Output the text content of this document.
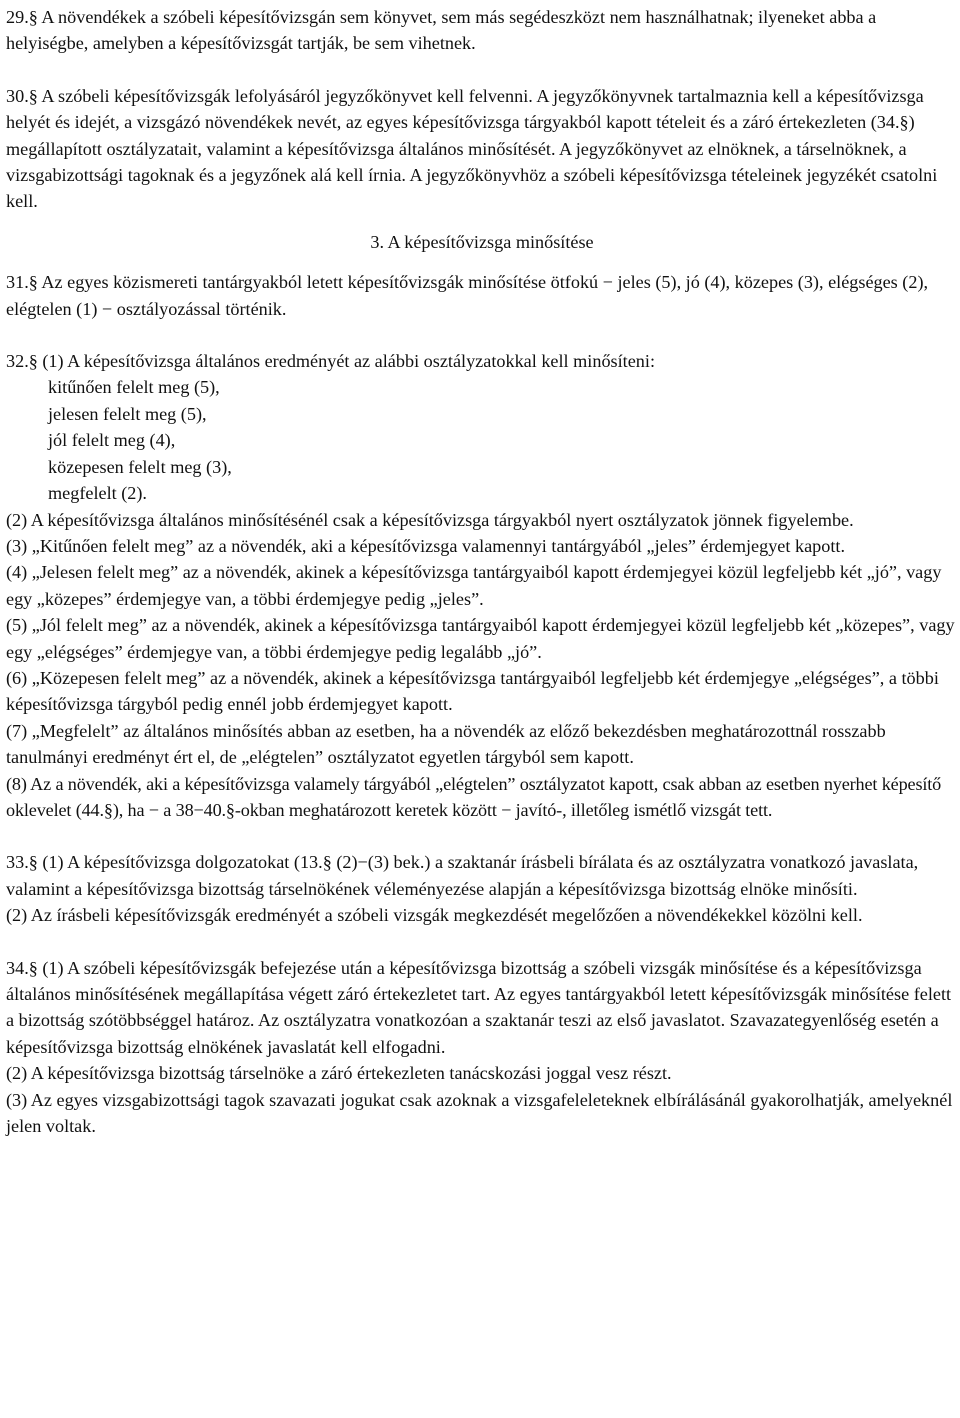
29.§ A növendékek a szóbeli képesítővizsgán sem könyvet, sem más segédeszközt nem használhatnak; ilyeneket abba a helyiségbe, amelyben a képesítővizsgát tartják, be sem vihetnek.

30.§ A szóbeli képesítővizsgák lefolyásáról jegyzőkönyvet kell felvenni. A jegyzőkönyvnek tartalmaznia kell a képesítővizsga helyét és idejét, a vizsgázó növendékek nevét, az egyes képesítővizsga tárgyakból kapott tételeit és a záró értekezleten (34.§) megállapított osztályzatait, valamint a képesítővizsga általános minősítését. A jegyzőkönyvet az elnöknek, a társelnöknek, a vizsgabizottsági tagoknak és a jegyzőnek alá kell írnia. A jegyzőkönyvhöz a szóbeli képesítővizsga tételeinek jegyzékét csatolni kell.

3. A képesítővizsga minősítése

31.§ Az egyes közismereti tantárgyakból letett képesítővizsgák minősítése ötfokú − jeles (5), jó (4), közepes (3), elégséges (2), elégtelen (1) − osztályozással történik.

32.§ (1) A képesítővizsga általános eredményét az alábbi osztályzatokkal kell minősíteni:

kitűnően felelt meg (5),

jelesen felelt meg (5),

jól felelt meg (4),

közepesen felelt meg (3),

megfelelt (2).

(2) A képesítővizsga általános minősítésénél csak a képesítővizsga tárgyakból nyert osztályzatok jönnek figyelembe.

(3) „Kitűnően felelt meg” az a növendék, aki a képesítővizsga valamennyi tantárgyából „jeles” érdemjegyet kapott.

(4) „Jelesen felelt meg” az a növendék, akinek a képesítővizsga tantárgyaiból kapott érdemjegyei közül legfeljebb két „jó”, vagy egy „közepes” érdemjegye van, a többi érdemjegye pedig „jeles”.

(5) „Jól felelt meg” az a növendék, akinek a képesítővizsga tantárgyaiból kapott érdemjegyei közül legfeljebb két „közepes”, vagy egy „elégséges” érdemjegye van, a többi érdemjegye pedig legalább „jó”.

(6) „Közepesen felelt meg” az a növendék, akinek a képesítővizsga tantárgyaiból legfeljebb két érdemjegye „elégséges”, a többi képesítővizsga tárgyból pedig ennél jobb érdemjegyet kapott.

(7) „Megfelelt” az általános minősítés abban az esetben, ha a növendék az előző bekezdésben meghatározottnál rosszabb tanulmányi eredményt ért el, de „elégtelen” osztályzatot egyetlen tárgyból sem kapott.

(8) Az a növendék, aki a képesítővizsga valamely tárgyából „elégtelen” osztályzatot kapott, csak abban az esetben nyerhet képesítő oklevelet (44.§), ha − a 38−40.§-okban meghatározott keretek között − javító-, illetőleg ismétlő vizsgát tett.

33.§ (1) A képesítővizsga dolgozatokat (13.§ (2)−(3) bek.) a szaktanár írásbeli bírálata és az osztályzatra vonatkozó javaslata, valamint a képesítővizsga bizottság társelnökének véleményezése alapján a képesítővizsga bizottság elnöke minősíti.

(2) Az írásbeli képesítővizsgák eredményét a szóbeli vizsgák megkezdését megelőzően a növendékekkel közölni kell.

34.§ (1) A szóbeli képesítővizsgák befejezése után a képesítővizsga bizottság a szóbeli vizsgák minősítése és a képesítővizsga általános minősítésének megállapítása végett záró értekezletet tart. Az egyes tantárgyakból letett képesítővizsgák minősítése felett a bizottság szótöbbséggel határoz. Az osztályzatra vonatkozóan a szaktanár teszi az első javaslatot. Szavazategyenlőség esetén a képesítővizsga bizottság elnökének javaslatát kell elfogadni.

(2) A képesítővizsga bizottság társelnöke a záró értekezleten tanácskozási joggal vesz részt.

(3) Az egyes vizsgabizottsági tagok szavazati jogukat csak azoknak a vizsgafeleleteknek elbírálásánál gyakorolhatják, amelyeknél jelen voltak.
